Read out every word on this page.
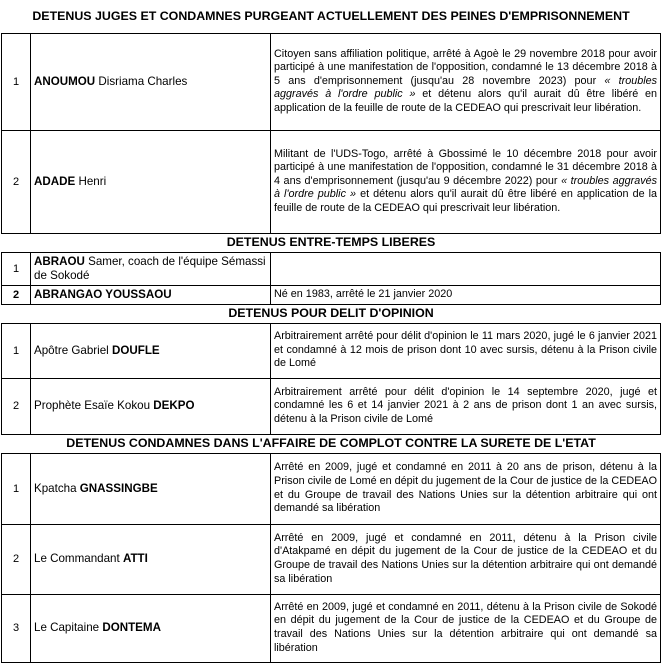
DETENUS JUGES ET CONDAMNES PURGEANT ACTUELLEMENT DES PEINES D'EMPRISONNEMENT		
1	ANOUMOU Disriama Charles	Citoyen sans affiliation politique, arrêté à Agoè le 29 novembre 2018 pour avoir participé à une manifestation de l'opposition, condamné le 13 décembre 2018 à 5 ans d'emprisonnement (jusqu'au 28 novembre 2023) pour « troubles aggravés à l'ordre public » et détenu alors qu'il aurait dû être libéré en application de la feuille de route de la CEDEAO qui prescrivait leur libération.
2	ADADE Henri	Militant de l'UDS-Togo, arrêté à Gbossimé le 10 décembre 2018 pour avoir participé à une manifestation de l'opposition, condamné le 31 décembre 2018 à 4 ans d'emprisonnement (jusqu'au 9 décembre 2022) pour « troubles aggravés à l'ordre public » et détenu alors qu'il aurait dû être libéré en application de la feuille de route de la CEDEAO qui prescrivait leur libération.
DETENUS ENTRE-TEMPS LIBERES		
1	ABRAOU Samer, coach de l'équipe Sémassi de Sokodé	
2	ABRANGAO YOUSSAOU	Né en 1983, arrêté le 21 janvier 2020
DETENUS POUR DELIT D'OPINION		
1	Apôtre Gabriel DOUFLE	Arbitrairement arrêté pour délit d'opinion le 11 mars 2020, jugé le 6 janvier 2021 et condamné à 12 mois de prison dont 10 avec sursis, détenu à la Prison civile de Lomé
2	Prophète Esaïe Kokou DEKPO	Arbitrairement arrêté pour délit d'opinion le 14 septembre 2020, jugé et condamné les 6 et 14 janvier 2021 à 2 ans de prison dont 1 an avec sursis, détenu à la Prison civile de Lomé
DETENUS CONDAMNES DANS L'AFFAIRE DE COMPLOT CONTRE LA SURETE DE L'ETAT		
1	Kpatcha GNASSINGBE	Arrêté en 2009, jugé et condamné en 2011 à 20 ans de prison, détenu à la Prison civile de Lomé en dépit du jugement de la Cour de justice de la CEDEAO et du Groupe de travail des Nations Unies sur la détention arbitraire qui ont demandé sa libération
2	Le Commandant ATTI	Arrêté en 2009, jugé et condamné en 2011, détenu à la Prison civile d'Atakpamé en dépit du jugement de la Cour de justice de la CEDEAO et du Groupe de travail des Nations Unies sur la détention arbitraire qui ont demandé sa libération
3	Le Capitaine DONTEMA	Arrêté en 2009, jugé et condamné en 2011, détenu à la Prison civile de Sokodé en dépit du jugement de la Cour de justice de la CEDEAO et du Groupe de travail des Nations Unies sur la détention arbitraire qui ont demandé sa libération
